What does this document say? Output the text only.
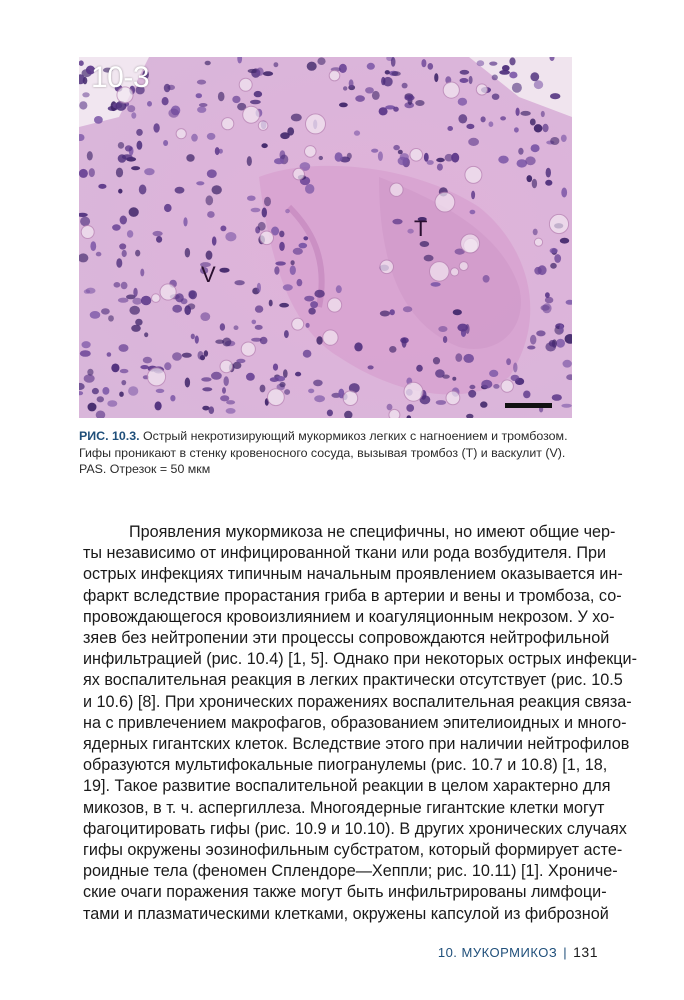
10-3
T
V
РИС. 10.3. Острый некротизирующий мукормикоз легких с нагноением и тромбозом. Гифы проникают в стенку кровеносного сосуда, вызывая тромбоз (Т) и васкулит (V). PAS. Отрезок = 50 мкм
Проявления мукормикоза не специфичны, но имеют общие чер-
ты независимо от инфицированной ткани или рода возбудителя. При
острых инфекциях типичным начальным проявлением оказывается ин-
фаркт вследствие прорастания гриба в артерии и вены и тромбоза, со-
провождающегося кровоизлиянием и коагуляционным некрозом. У хо-
зяев без нейтропении эти процессы сопровождаются нейтрофильной
инфильтрацией (рис. 10.4) [1, 5]. Однако при некоторых острых инфекци-
ях воспалительная реакция в легких практически отсутствует (рис. 10.5
и 10.6) [8]. При хронических поражениях воспалительная реакция связа-
на с привлечением макрофагов, образованием эпителиоидных и много-
ядерных гигантских клеток. Вследствие этого при наличии нейтрофилов
образуются мультифокальные пиогранулемы (рис. 10.7 и 10.8) [1, 18,
19]. Такое развитие воспалительной реакции в целом характерно для
микозов, в т. ч. аспергиллеза. Многоядерные гигантские клетки могут
фагоцитировать гифы (рис. 10.9 и 10.10). В других хронических случаях
гифы окружены эозинофильным субстратом, который формирует асте-
роидные тела (феномен Сплендоре—Хеппли; рис. 10.11) [1]. Хрониче-
ские очаги поражения также могут быть инфильтрированы лимфоци-
тами и плазматическими клетками, окружены капсулой из фиброзной
10. МУКОРМИКОЗ | 131
